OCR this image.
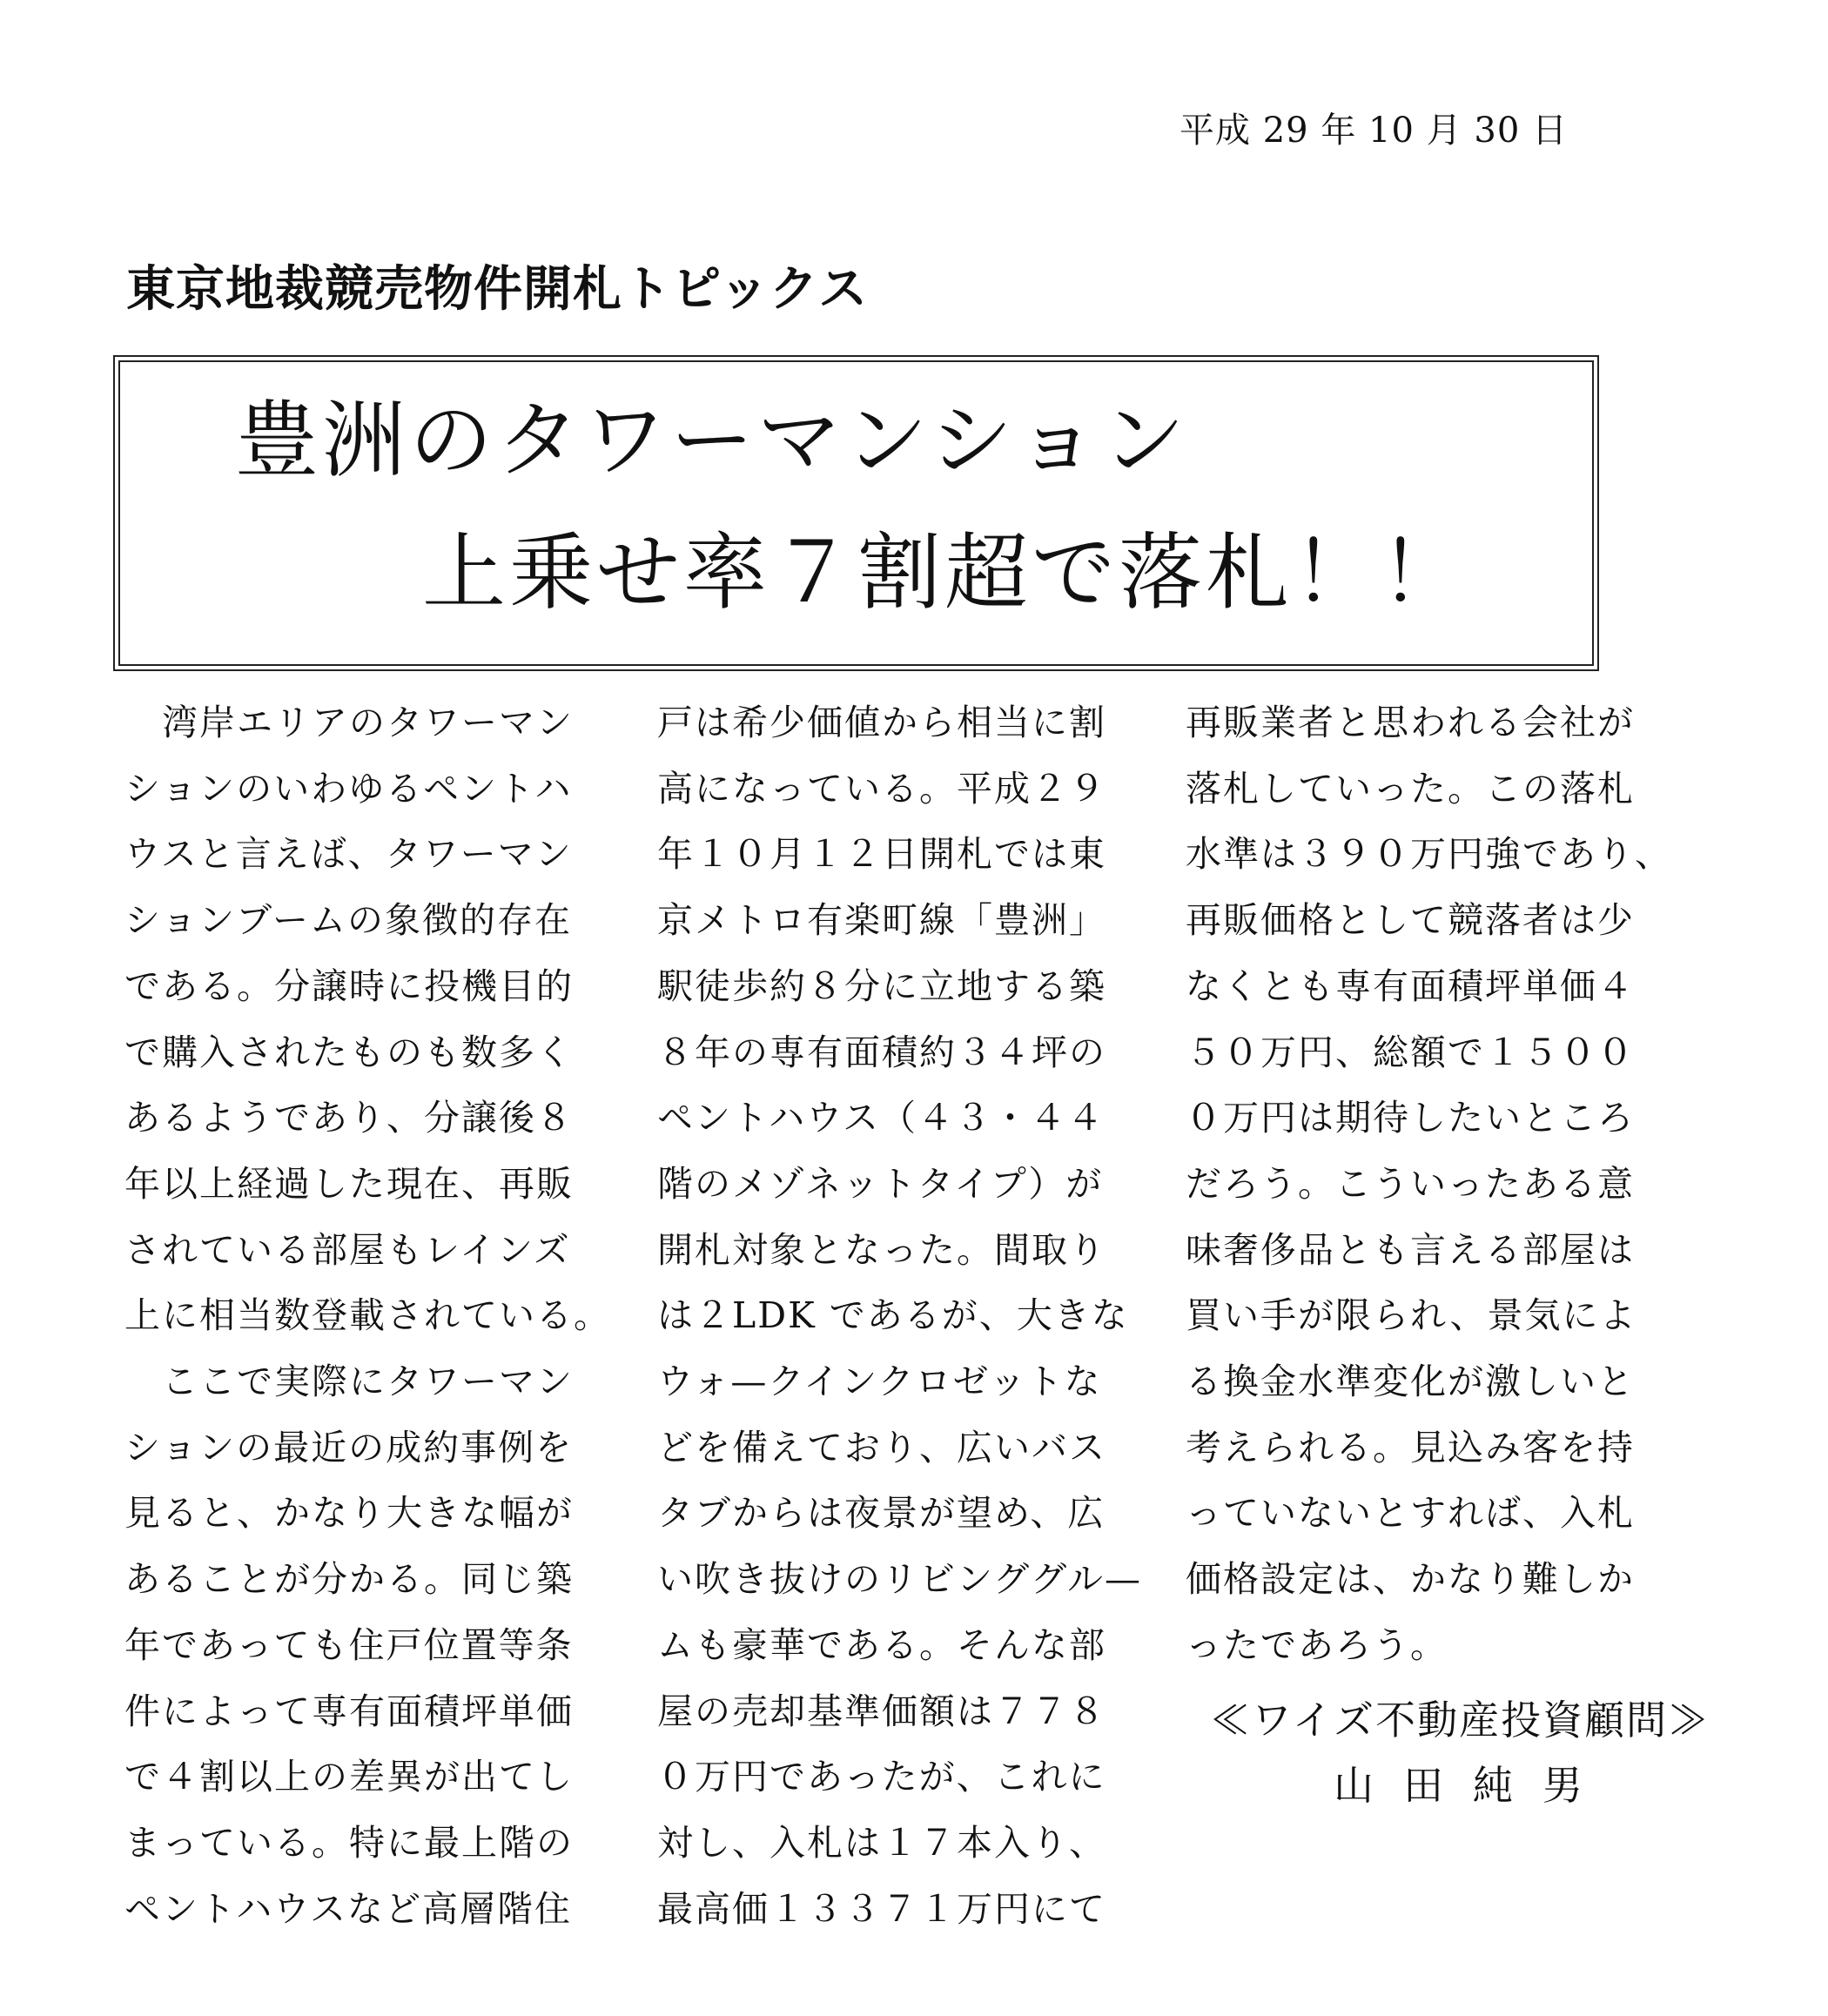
平成 29 年 10 月 30 日
東京地裁競売物件開札トピックス
豊洲のタワーマンション
上乗せ率７割超で落札！！
　湾岸エリアのタワーマン
ションのいわゆるペントハ
ウスと言えば、タワーマン
ションブームの象徴的存在
である。分譲時に投機目的
で購入されたものも数多く
あるようであり、分譲後８
年以上経過した現在、再販
されている部屋もレインズ
上に相当数登載されている。
　ここで実際にタワーマン
ションの最近の成約事例を
見ると、かなり大きな幅が
あることが分かる。同じ築
年であっても住戸位置等条
件によって専有面積坪単価
で４割以上の差異が出てし
まっている。特に最上階の
ペントハウスなど高層階住
戸は希少価値から相当に割
高になっている。平成２９
年１０月１２日開札では東
京メトロ有楽町線「豊洲」
駅徒歩約８分に立地する築
８年の専有面積約３４坪の
ペントハウス（４３・４４
階のメゾネットタイプ）が
開札対象となった。間取り
は２LDK であるが、大きな
ウォ—クインクロゼットな
どを備えており、広いバス
タブからは夜景が望め、広
い吹き抜けのリビンググル—
ムも豪華である。そんな部
屋の売却基準価額は７７８
０万円であったが、これに
対し、入札は１７本入り、
最高価１３３７１万円にて
再販業者と思われる会社が
落札していった。この落札
水準は３９０万円強であり、
再販価格として競落者は少
なくとも専有面積坪単価４
５０万円、総額で１５００
０万円は期待したいところ
だろう。こういったある意
味奢侈品とも言える部屋は
買い手が限られ、景気によ
る換金水準変化が激しいと
考えられる。見込み客を持
っていないとすれば、入札
価格設定は、かなり難しか
ったであろう。
≪ワイズ不動産投資顧問≫
山田純男
